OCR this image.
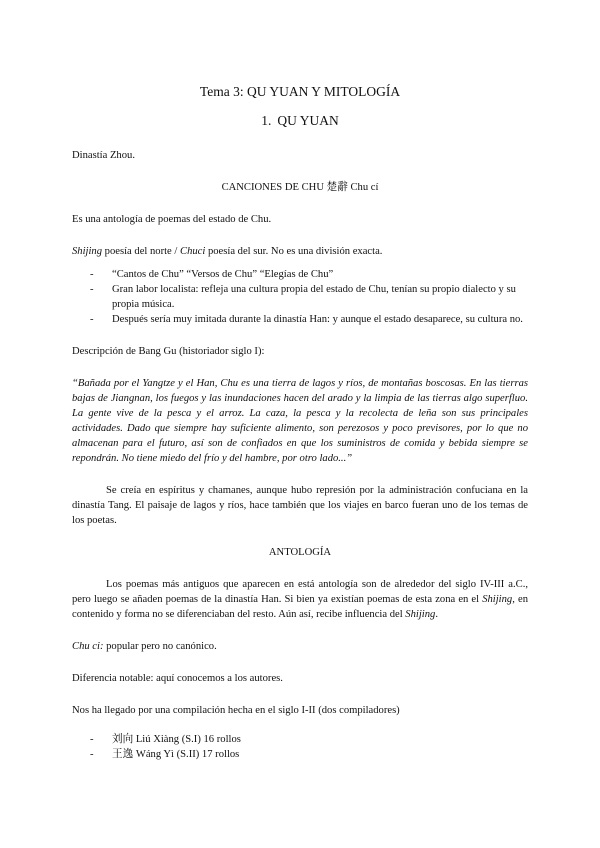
Tema 3: QU YUAN Y MITOLOGÍA

1. QU YUAN

Dinastía Zhou.

CANCIONES DE CHU 楚辭 Chu cí

Es una antología de poemas del estado de Chu.

Shijing poesía del norte / Chuci poesía del sur. No es una división exacta.

- “Cantos de Chu” “Versos de Chu” “Elegías de Chu”
- Gran labor localista: refleja una cultura propia del estado de Chu, tenían su propio dialecto y su propia música.
- Después sería muy imitada durante la dinastía Han: y aunque el estado desaparece, su cultura no.

Descripción de Bang Gu (historiador siglo I):

“Bañada por el Yangtze y el Han, Chu es una tierra de lagos y ríos, de montañas boscosas. En las tierras bajas de Jiangnan, los fuegos y las inundaciones hacen del arado y la limpia de las tierras algo superfluo. La gente vive de la pesca y el arroz. La caza, la pesca y la recolecta de leña son sus principales actividades. Dado que siempre hay suficiente alimento, son perezosos y poco previsores, por lo que no almacenan para el futuro, así son de confiados en que los suministros de comida y bebida siempre se repondrán. No tiene miedo del frío y del hambre, por otro lado...”

Se creía en espíritus y chamanes, aunque hubo represión por la administración confuciana en la dinastía Tang. El paisaje de lagos y ríos, hace también que los viajes en barco fueran uno de los temas de los poetas.

ANTOLOGÍA

Los poemas más antiguos que aparecen en está antología son de alrededor del siglo IV-III a.C., pero luego se añaden poemas de la dinastía Han. Si bien ya existían poemas de esta zona en el Shijing, en contenido y forma no se diferenciaban del resto. Aún así, recibe influencia del Shijing.

Chu ci: popular pero no canónico.

Diferencia notable: aquí conocemos a los autores.

Nos ha llegado por una compilación hecha en el siglo I-II (dos compiladores)

- 刘向 Liú Xiàng (S.I) 16 rollos
- 王逸 Wáng Yì (S.II) 17 rollos
